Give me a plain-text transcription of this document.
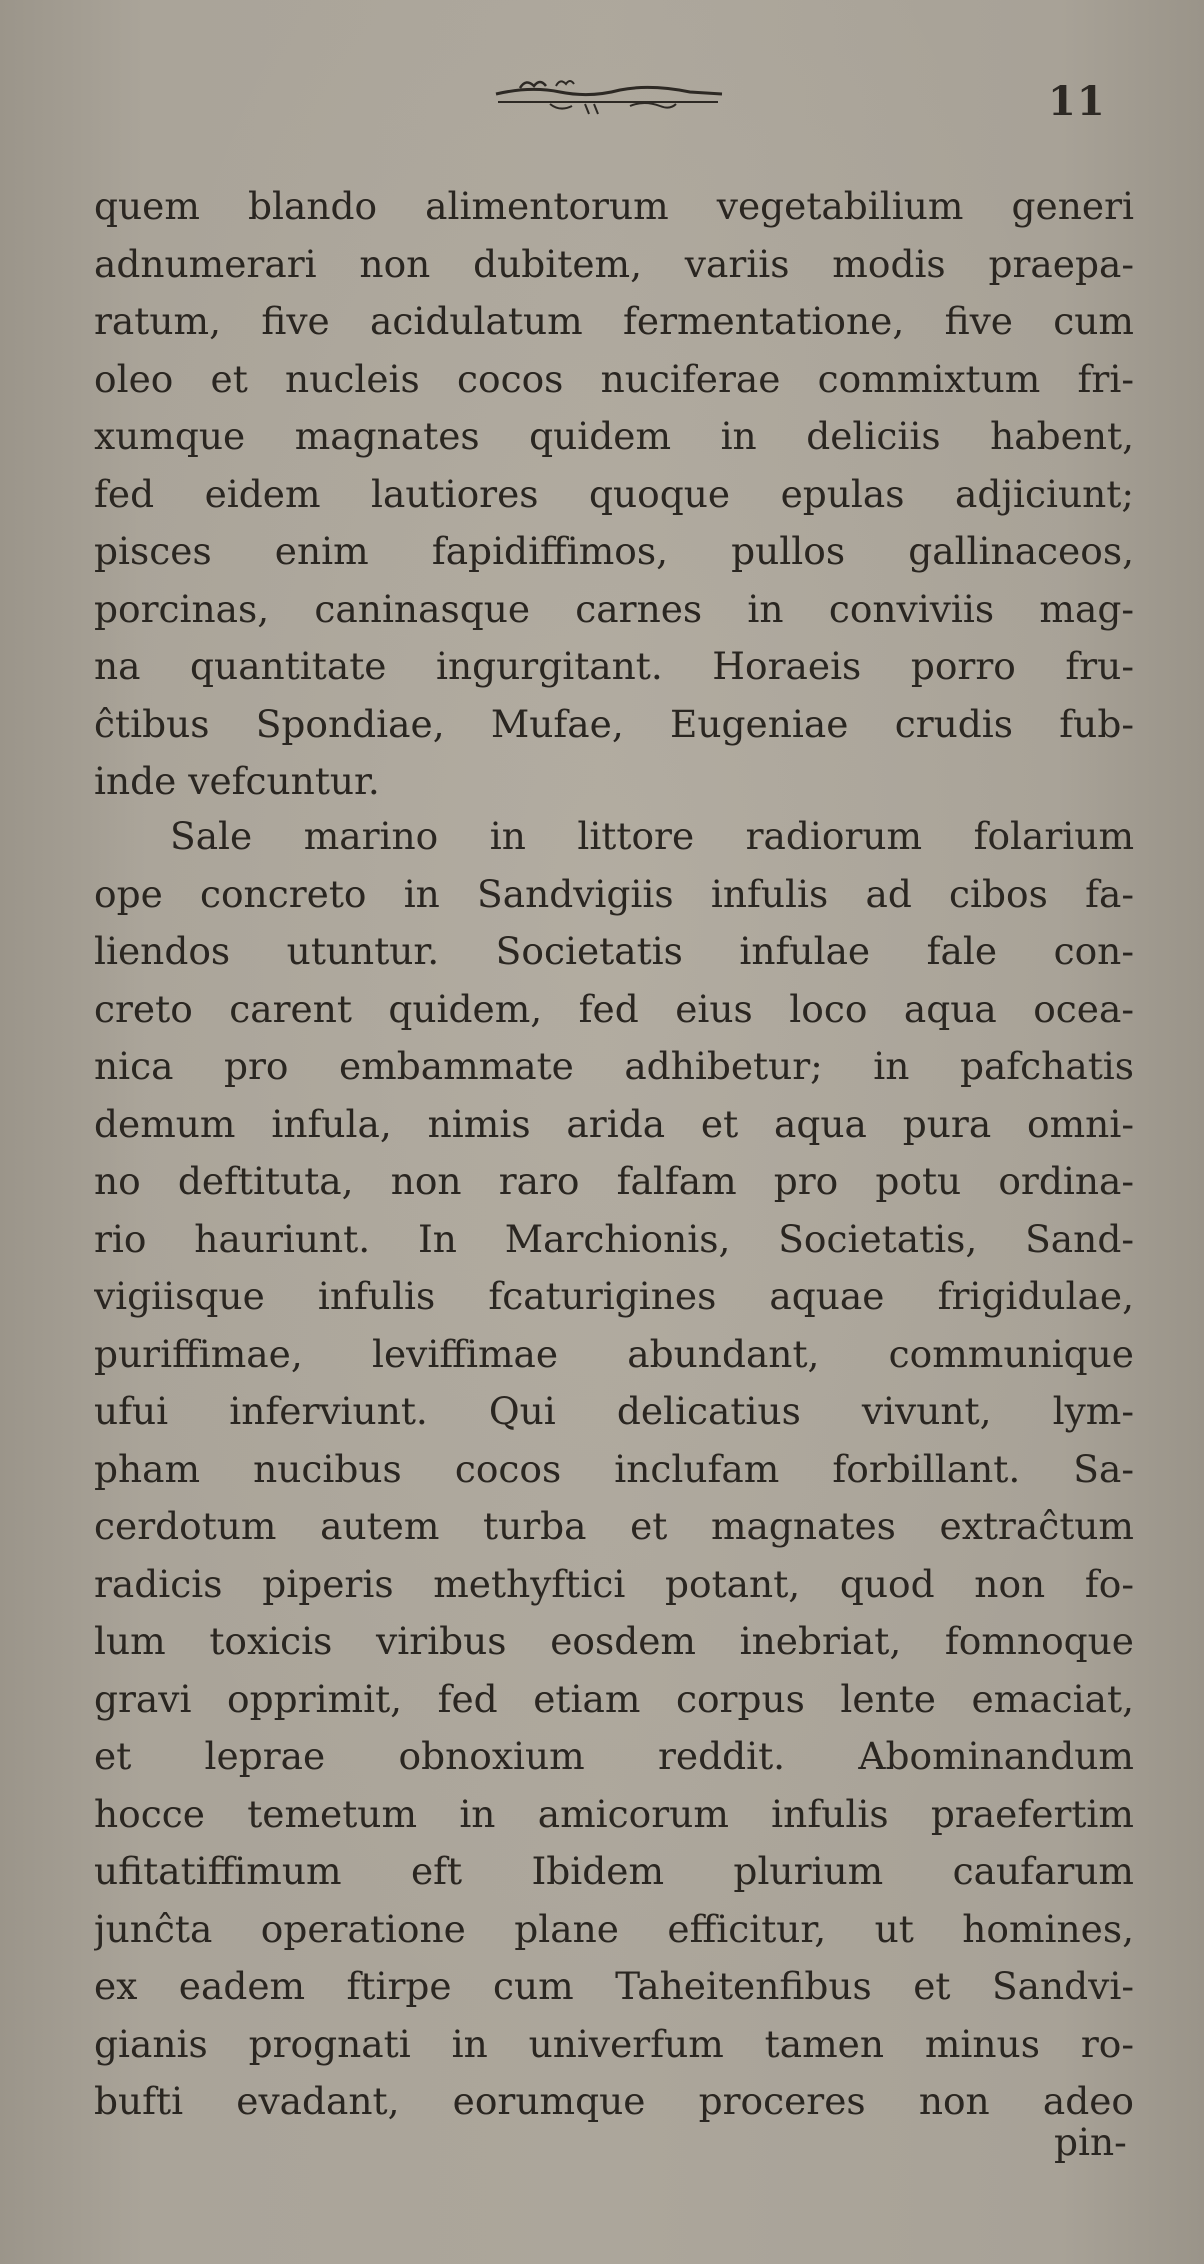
11
quem blando alimentorum vegetabilium generi
adnumerari non dubitem, variis modis praepa-
ratum, five acidulatum fermentatione, five cum
oleo et nucleis cocos nuciferae commixtum fri-
xumque magnates quidem in deliciis habent,
fed eidem lautiores quoque epulas adjiciunt;
pisces enim fapidiffimos, pullos gallinaceos,
porcinas, caninasque carnes in conviviis mag-
na quantitate ingurgitant. Horaeis porro fru-
ĉtibus Spondiae, Mufae, Eugeniae crudis fub-
inde vefcuntur.
Sale marino in littore radiorum folarium
ope concreto in Sandvigiis infulis ad cibos fa-
liendos utuntur. Societatis infulae fale con-
creto carent quidem, fed eius loco aqua ocea-
nica pro embammate adhibetur; in pafchatis
demum infula, nimis arida et aqua pura omni-
no deftituta, non raro falfam pro potu ordina-
rio hauriunt. In Marchionis, Societatis, Sand-
vigiisque infulis fcaturigines aquae frigidulae,
puriffimae, leviffimae abundant, communique
ufui inferviunt. Qui delicatius vivunt, lym-
pham nucibus cocos inclufam forbillant. Sa-
cerdotum autem turba et magnates extraĉtum
radicis piperis methyftici potant, quod non fo-
lum toxicis viribus eosdem inebriat, fomnoque
gravi opprimit, fed etiam corpus lente emaciat,
et leprae obnoxium reddit. Abominandum
hocce temetum in amicorum infulis praefertim
ufitatiffimum eft Ibidem plurium caufarum
junĉta operatione plane efficitur, ut homines,
ex eadem ftirpe cum Taheitenfibus et Sandvi-
gianis prognati in univerfum tamen minus ro-
bufti evadant, eorumque proceres non adeo
pin-
